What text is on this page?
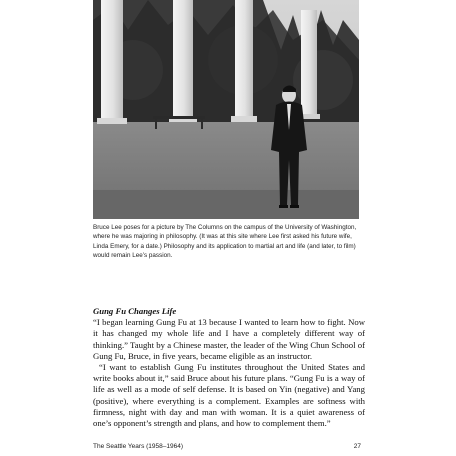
Bruce Lee poses for a picture by The Columns on the campus of the University of Washington, where he was majoring in philosophy. (It was at this site where Lee first asked his future wife, Linda Emery, for a date.) Philosophy and its application to martial art and life (and later, to film) would remain Lee’s passion.

Gung Fu Changes Life

“I began learning Gung Fu at 13 because I wanted to learn how to fight. Now it has changed my whole life and I have a completely different way of thinking.” Taught by a Chinese master, the leader of the Wing Chun School of Gung Fu, Bruce, in five years, became eligible as an instructor.

“I want to establish Gung Fu institutes throughout the United States and write books about it,” said Bruce about his future plans. “Gung Fu is a way of life as well as a mode of self defense. It is based on Yin (negative) and Yang (positive), where everything is a complement. Examples are softness with firmness, night with day and man with woman. It is a quiet awareness of one’s opponent’s strength and plans, and how to complement them.”

The Seattle Years (1958–1964)	27
